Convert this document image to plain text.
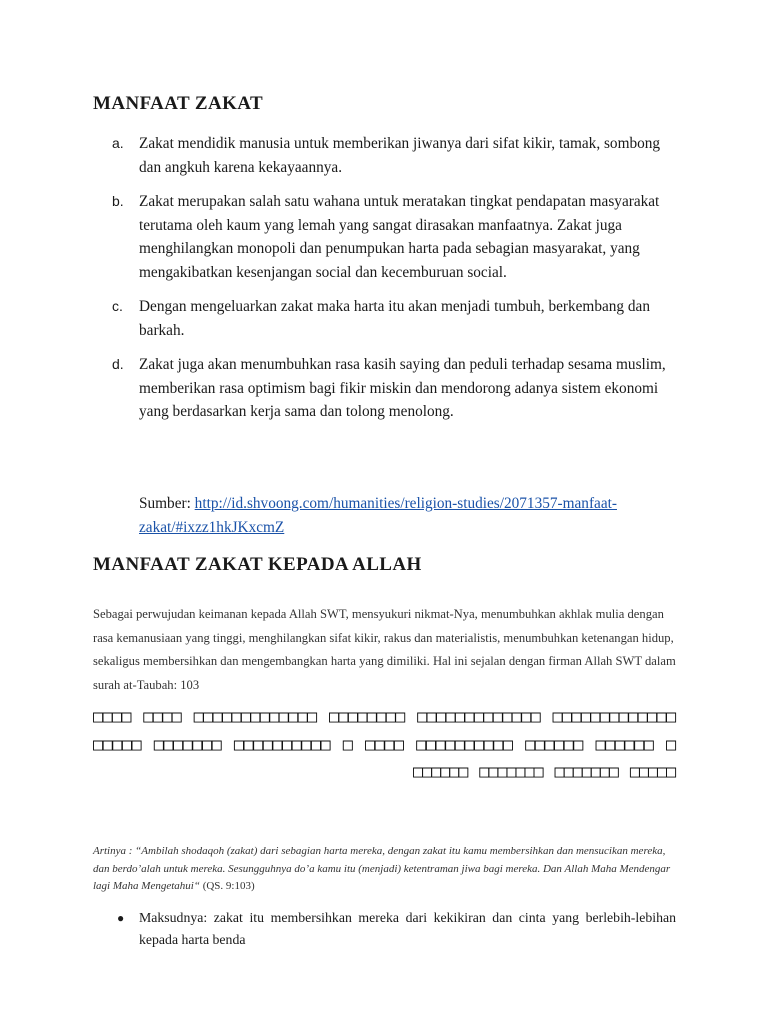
MANFAAT ZAKAT
a. Zakat mendidik manusia untuk memberikan jiwanya dari sifat kikir, tamak, sombong dan angkuh karena kekayaannya.
b. Zakat merupakan salah satu wahana untuk meratakan tingkat pendapatan masyarakat terutama oleh kaum yang lemah yang sangat dirasakan manfaatnya. Zakat juga menghilangkan monopoli dan penumpukan harta pada sebagian masyarakat, yang mengakibatkan kesenjangan social dan kecemburuan social.
c. Dengan mengeluarkan zakat maka harta itu akan menjadi tumbuh, berkembang dan barkah.
d. Zakat juga akan menumbuhkan rasa kasih saying dan peduli terhadap sesama muslim, memberikan rasa optimism bagi fikir miskin dan mendorong adanya sistem ekonomi yang berdasarkan kerja sama dan tolong menolong.
Sumber: http://id.shvoong.com/humanities/religion-studies/2071357-manfaat-zakat/#ixzz1hkJKxcmZ
MANFAAT ZAKAT KEPADA ALLAH

Sebagai perwujudan keimanan kepada Allah SWT, mensyukuri nikmat-Nya, menumbuhkan akhlak mulia dengan rasa kemanusiaan yang tinggi, menghilangkan sifat kikir, rakus dan materialistis, menumbuhkan ketenangan hidup, sekaligus membersihkan dan mengembangkan harta yang dimiliki. Hal ini sejalan dengan firman Allah SWT dalam surah at-Taubah: 103

□□□□ □□□□ □□□□□□□□□□□□□ □□□□□□□□ □□□□□□□□□□□□□ □□□□□□□□□□□□□ □□□□□ □□□□□□□ □□□□□□□□□□ □ □□□□ □□□□□□□□□□ □□□□□□ □□□□□□ □ □□□□□□ □□□□□□□ □□□□□□□ □□□□□
Artinya : “Ambilah shodaqoh (zakat) dari sebagian harta mereka, dengan zakat itu kamu membersihkan dan mensucikan mereka, dan berdo’alah untuk mereka. Sesungguhnya do’a kamu itu (menjadi) ketentraman jiwa bagi mereka. Dan Allah Maha Mendengar lagi Maha Mengetahui“ (QS. 9:103)
● Maksudnya: zakat itu membersihkan mereka dari kekikiran dan cinta yang berlebih-lebihan kepada harta benda
